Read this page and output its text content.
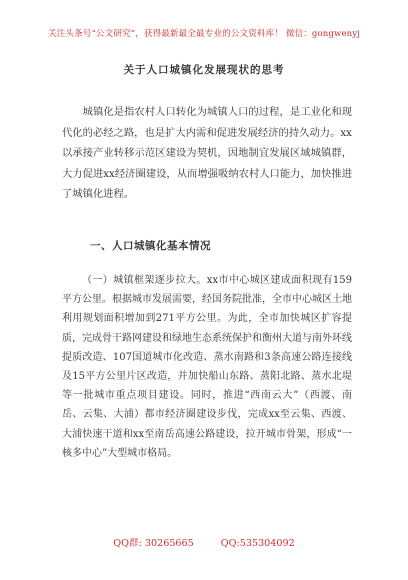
关注头条号“公文研究”，获得最新最全最专业的公文资料库！ 微信：gongwenyj
关于人口城镇化发展现状的思考

城镇化是指农村人口转化为城镇人口的过程，是工业化和现代化的必经之路，也是扩大内需和促进发展经济的持久动力。xx以承接产业转移示范区建设为契机，因地制宜发展区域城镇群，大力促进xx经济圈建设，从而增强吸纳农村人口能力，加快推进了城镇化进程。

一、人口城镇化基本情况

（一）城镇框架逐步拉大。xx市中心城区建成面积现有159平方公里。根据城市发展需要，经国务院批准，全市中心城区土地利用规划面积增加到271平方公里。为此，全市加快城区扩容提质，完成骨干路网建设和绿地生态系统保护和衡州大道与南外环线提质改造、107国道城市化改造、蒸水南路和3条高速公路连接线及15平方公里片区改造，并加快船山东路、蒸阳北路、蒸水北堤等一批城市重点项目建设。同时，推进“西南云大”（西渡、南岳、云集、大浦）都市经济圈建设步伐，完成xx至云集、西渡、大浦快速干道和xx至南岳高速公路建设，拉开城市骨架，形成“一核多中心”大型城市格局。

QQ群: 30265665	QQ:535304092
